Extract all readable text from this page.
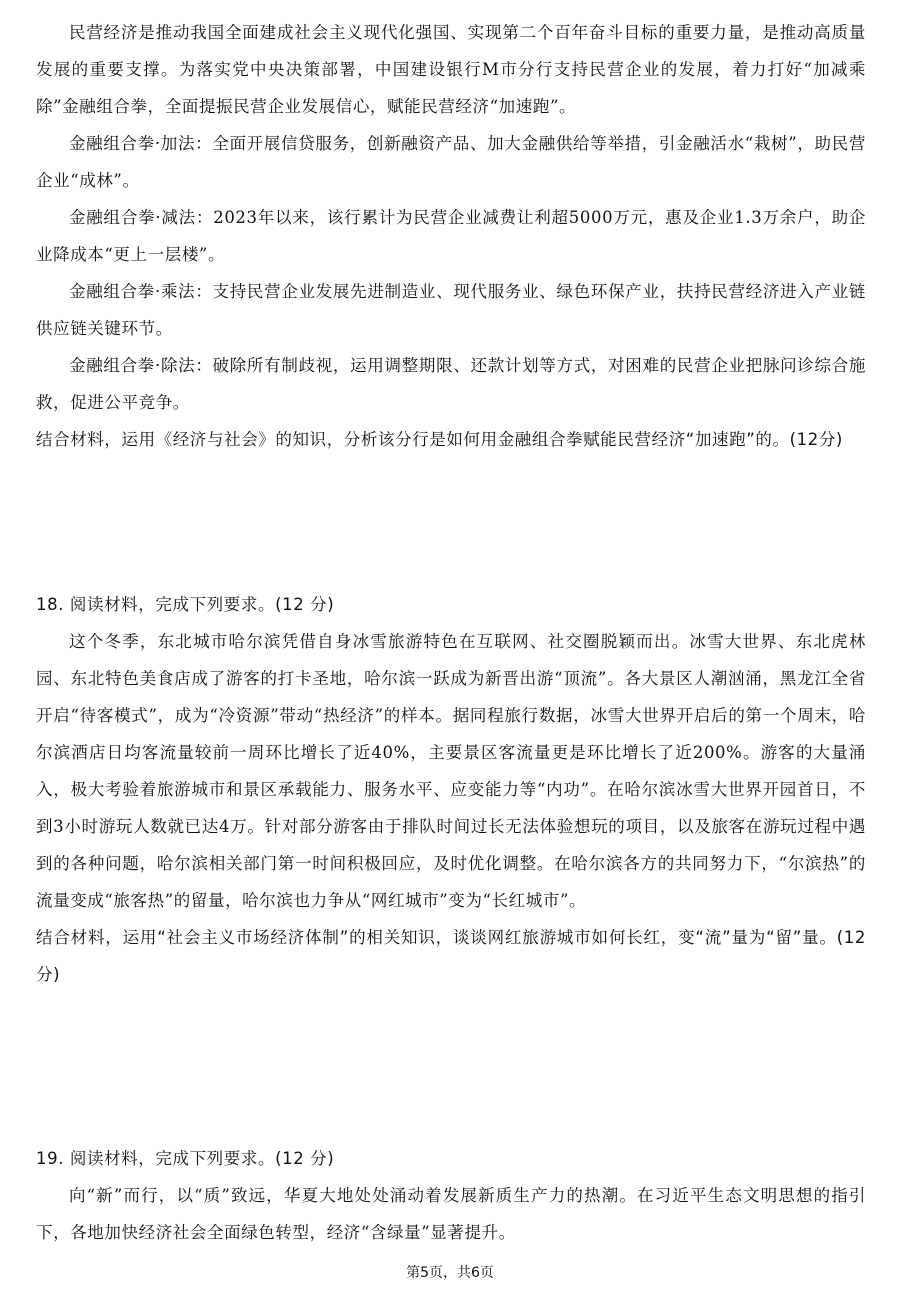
民营经济是推动我国全面建成社会主义现代化强国、实现第二个百年奋斗目标的重要力量，是推动高质量发展的重要支撑。为落实党中央决策部署，中国建设银行M市分行支持民营企业的发展，着力打好“加减乘除”金融组合拳，全面提振民营企业发展信心，赋能民营经济“加速跑”。

金融组合拳·加法：全面开展信贷服务，创新融资产品、加大金融供给等举措，引金融活水“栽树”，助民营企业“成林”。

金融组合拳·减法：2023年以来，该行累计为民营企业减费让利超5000万元，惠及企业1.3万余户，助企业降成本“更上一层楼”。

金融组合拳·乘法：支持民营企业发展先进制造业、现代服务业、绿色环保产业，扶持民营经济进入产业链供应链关键环节。

金融组合拳·除法：破除所有制歧视，运用调整期限、还款计划等方式，对困难的民营企业把脉问诊综合施救，促进公平竞争。

结合材料，运用《经济与社会》的知识，分析该分行是如何用金融组合拳赋能民营经济“加速跑”的。(12分)

18. 阅读材料，完成下列要求。(12 分)

这个冬季，东北城市哈尔滨凭借自身冰雪旅游特色在互联网、社交圈脱颖而出。冰雪大世界、东北虎林园、东北特色美食店成了游客的打卡圣地，哈尔滨一跃成为新晋出游“顶流”。各大景区人潮汹涌，黑龙江全省开启“待客模式”，成为“冷资源”带动“热经济”的样本。据同程旅行数据，冰雪大世界开启后的第一个周末，哈尔滨酒店日均客流量较前一周环比增长了近40%，主要景区客流量更是环比增长了近200%。游客的大量涌入，极大考验着旅游城市和景区承载能力、服务水平、应变能力等“内功”。在哈尔滨冰雪大世界开园首日，不到3小时游玩人数就已达4万。针对部分游客由于排队时间过长无法体验想玩的项目，以及旅客在游玩过程中遇到的各种问题，哈尔滨相关部门第一时间积极回应，及时优化调整。在哈尔滨各方的共同努力下，“尔滨热”的流量变成“旅客热”的留量，哈尔滨也力争从“网红城市”变为“长红城市”。

结合材料，运用“社会主义市场经济体制”的相关知识，谈谈网红旅游城市如何长红，变“流”量为“留”量。(12 分)

19. 阅读材料，完成下列要求。(12 分)

向“新”而行，以“质”致远，华夏大地处处涌动着发展新质生产力的热潮。在习近平生态文明思想的指引下，各地加快经济社会全面绿色转型，经济“含绿量”显著提升。

第5页，共6页
